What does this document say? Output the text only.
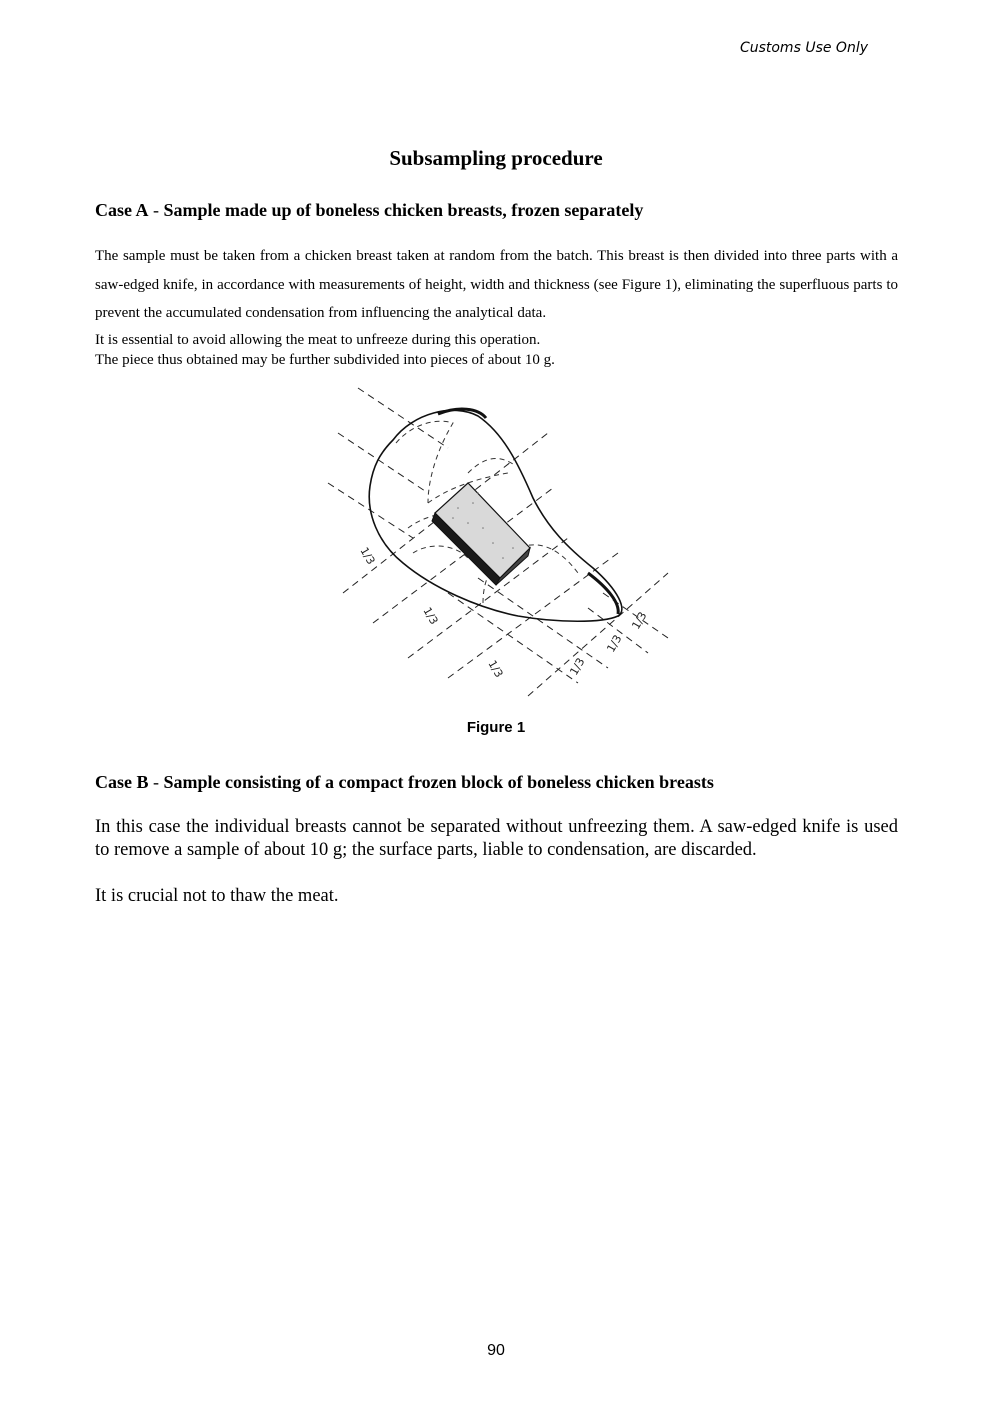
Customs Use Only
Subsampling procedure
Case A - Sample made up of boneless chicken breasts, frozen separately

The sample must be taken from a chicken breast taken at random from the batch. This breast is then divided into three parts with a saw-edged knife, in accordance with measurements of height, width and thickness (see Figure 1), eliminating the superfluous parts to prevent the accumulated condensation from influencing the analytical data.

It is essential to avoid allowing the meat to unfreeze during this operation.
The piece thus obtained may be further subdivided into pieces of about 10 g.

1/3
1/3
1/3	1/3
1/3
1/3
Figure 1
Case B - Sample consisting of a compact frozen block of boneless chicken breasts

In this case the individual breasts cannot be separated without unfreezing them. A saw-edged knife is used to remove a sample of about 10 g; the surface parts, liable to condensation, are discarded.

It is crucial not to thaw the meat.

90
